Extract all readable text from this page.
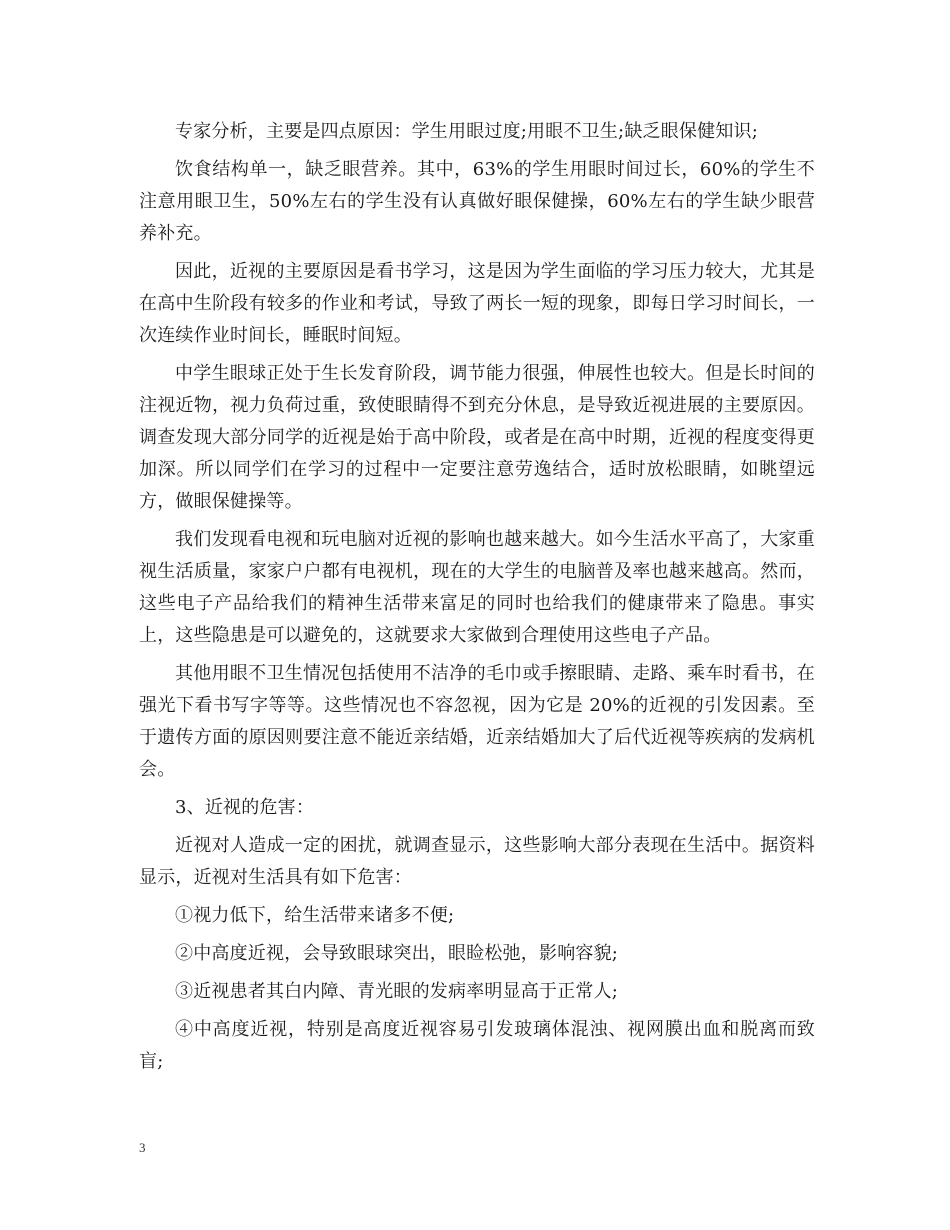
专家分析，主要是四点原因：学生用眼过度;用眼不卫生;缺乏眼保健知识;

饮食结构单一，缺乏眼营养。其中，63%的学生用眼时间过长，60%的学生不注意用眼卫生，50%左右的学生没有认真做好眼保健操，60%左右的学生缺少眼营养补充。

因此，近视的主要原因是看书学习，这是因为学生面临的学习压力较大，尤其是在高中生阶段有较多的作业和考试，导致了两长一短的现象，即每日学习时间长，一次连续作业时间长，睡眠时间短。

中学生眼球正处于生长发育阶段，调节能力很强，伸展性也较大。但是长时间的注视近物，视力负荷过重，致使眼睛得不到充分休息，是导致近视进展的主要原因。调查发现大部分同学的近视是始于高中阶段，或者是在高中时期，近视的程度变得更加深。所以同学们在学习的过程中一定要注意劳逸结合，适时放松眼睛，如眺望远方，做眼保健操等。

我们发现看电视和玩电脑对近视的影响也越来越大。如今生活水平高了，大家重视生活质量，家家户户都有电视机，现在的大学生的电脑普及率也越来越高。然而，这些电子产品给我们的精神生活带来富足的同时也给我们的健康带来了隐患。事实上，这些隐患是可以避免的，这就要求大家做到合理使用这些电子产品。

其他用眼不卫生情况包括使用不洁净的毛巾或手擦眼睛、走路、乘车时看书，在强光下看书写字等等。这些情况也不容忽视，因为它是 20%的近视的引发因素。至于遗传方面的原因则要注意不能近亲结婚，近亲结婚加大了后代近视等疾病的发病机会。

3、近视的危害：

近视对人造成一定的困扰，就调查显示，这些影响大部分表现在生活中。据资料显示，近视对生活具有如下危害：

①视力低下，给生活带来诸多不便;

②中高度近视，会导致眼球突出，眼睑松弛，影响容貌;

③近视患者其白内障、青光眼的发病率明显高于正常人;

④中高度近视，特别是高度近视容易引发玻璃体混浊、视网膜出血和脱离而致盲;

3
